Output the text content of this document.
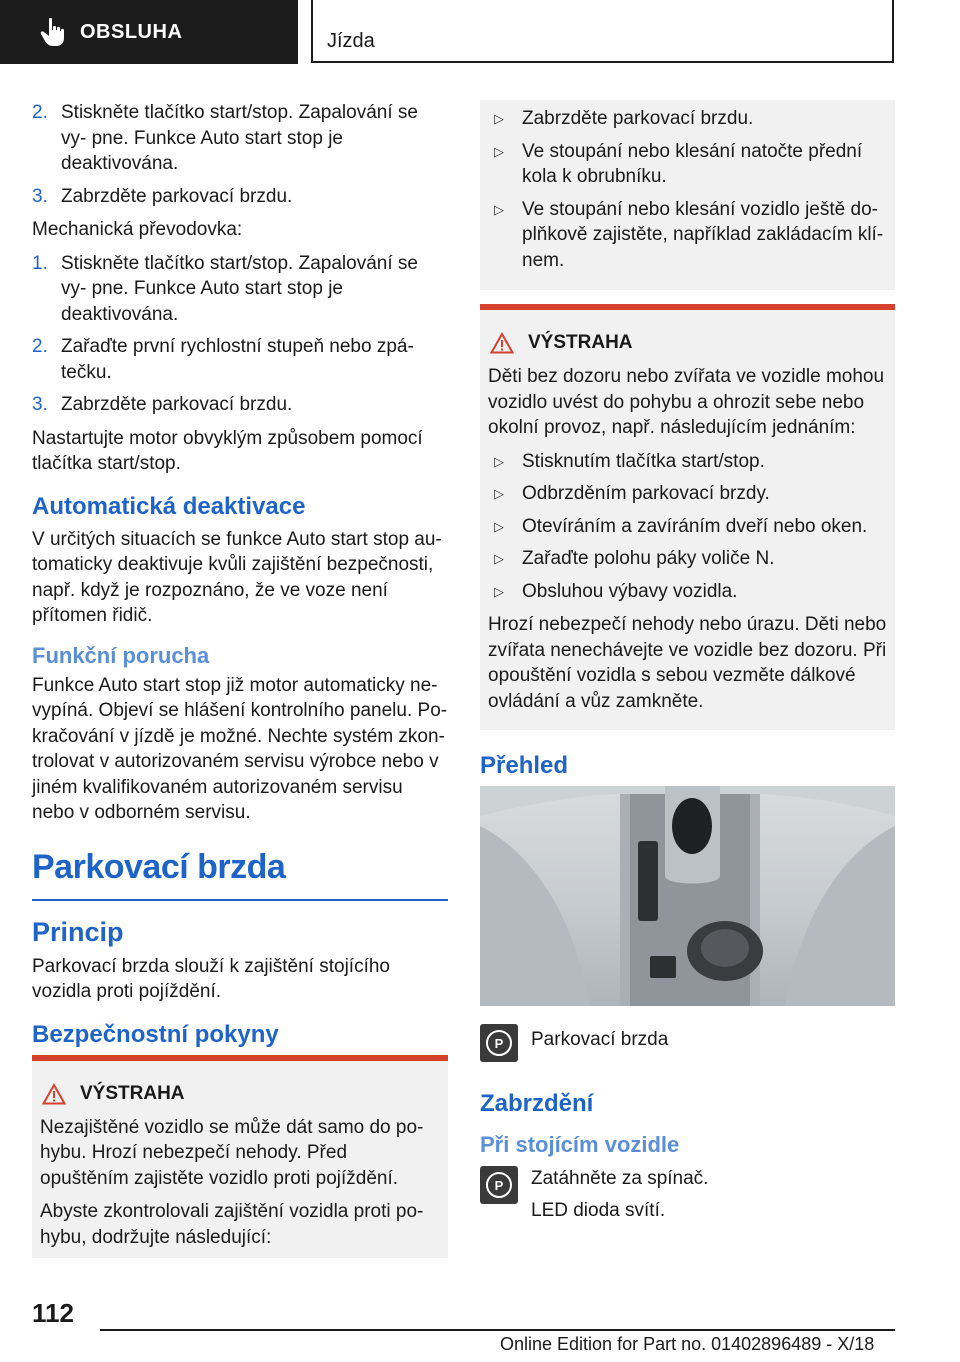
OBSLUHA	Jízda
2. Stiskněte tlačítko start/stop. Zapalování se vy- pne. Funkce Auto start stop je deaktivována.
3. Zabrzděte parkovací brzdu.

Mechanická převodovka:

1. Stiskněte tlačítko start/stop. Zapalování se vy- pne. Funkce Auto start stop je deaktivována.
2. Zařaďte první rychlostní stupeň nebo zpá- tečku.
3. Zabrzděte parkovací brzdu.

Nastartujte motor obvyklým způsobem pomocí tlačítka start/stop.

Automatická deaktivace

V určitých situacích se funkce Auto start stop au- tomaticky deaktivuje kvůli zajištění bezpečnosti, např. když je rozpoznáno, že ve voze není přítomen řidič.

Funkční porucha

Funkce Auto start stop již motor automaticky ne- vypíná. Objeví se hlášení kontrolního panelu. Po- kračování v jízdě je možné. Nechte systém zkon- trolovat v autorizovaném servisu výrobce nebo v jiném kvalifikovaném autorizovaném servisu nebo v odborném servisu.

Parkovací brzda
Princip

Parkovací brzda slouží k zajištění stojícího vozidla proti pojíždění.

Bezpečnostní pokyny
VÝSTRAHA

Nezajištěné vozidlo se může dát samo do po- hybu. Hrozí nebezpečí nehody. Před opuštěním zajistěte vozidlo proti pojíždění.

Abyste zkontrolovali zajištění vozidla proti po- hybu, dodržujte následující:

▷ Zabrzděte parkovací brzdu.
▷ Ve stoupání nebo klesání natočte přední kola k obrubníku.
▷ Ve stoupání nebo klesání vozidlo ještě do- plňkově zajistěte, například zakládacím klí- nem.
VÝSTRAHA

Děti bez dozoru nebo zvířata ve vozidle mohou vozidlo uvést do pohybu a ohrozit sebe nebo okolní provoz, např. následujícím jednáním:

▷ Stisknutím tlačítka start/stop.
▷ Odbrzděním parkovací brzdy.
▷ Otevíráním a zavíráním dveří nebo oken.
▷ Zařaďte polohu páky voliče N.
▷ Obsluhou výbavy vozidla.

Hrozí nebezpečí nehody nebo úrazu. Děti nebo zvířata nenechávejte ve vozidle bez dozoru. Při opouštění vozidla s sebou vezměte dálkové ovládání a vůz zamkněte.

Přehled
P	Parkovací brzda
Zabrzdění
Při stojícím vozidle
P	Zatáhněte za spínač.

LED dioda svítí.

112
Online Edition for Part no. 01402896489 - X/18
